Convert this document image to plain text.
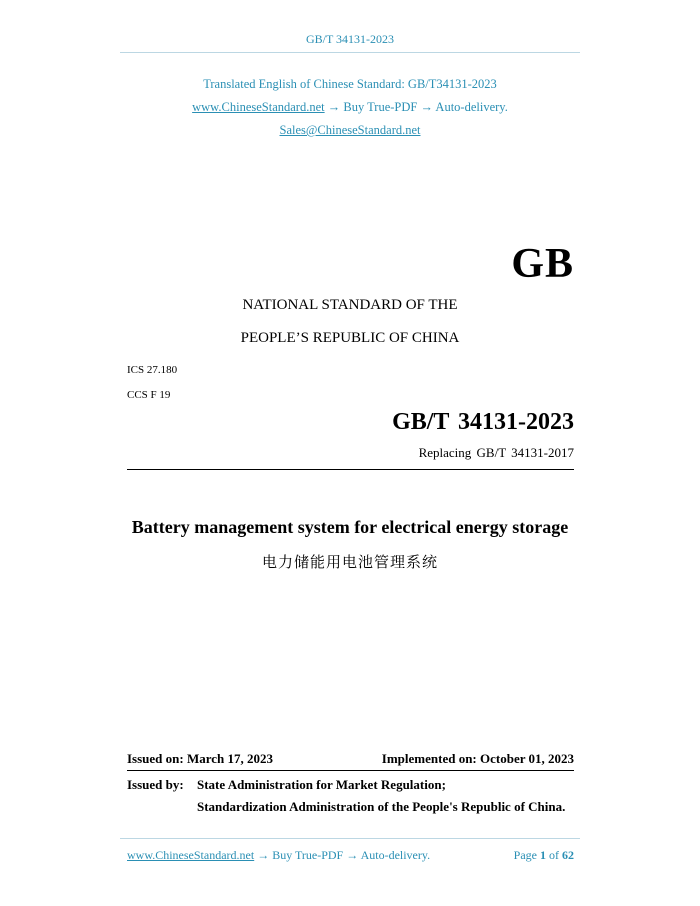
GB/T 34131-2023
Translated English of Chinese Standard: GB/T34131-2023
www.ChineseStandard.net → Buy True-PDF → Auto-delivery.
Sales@ChineseStandard.net
GB
NATIONAL STANDARD OF THE
PEOPLE’S REPUBLIC OF CHINA
ICS 27.180
CCS F 19
GB/T 34131-2023
Replacing GB/T 34131-2017
Battery management system for electrical energy storage
电力储能用电池管理系统
Issued on: March 17, 2023	Implemented on: October 01, 2023
Issued by: State Administration for Market Regulation;
Standardization Administration of the People's Republic of China.
www.ChineseStandard.net → Buy True-PDF → Auto-delivery.	Page 1 of 62
